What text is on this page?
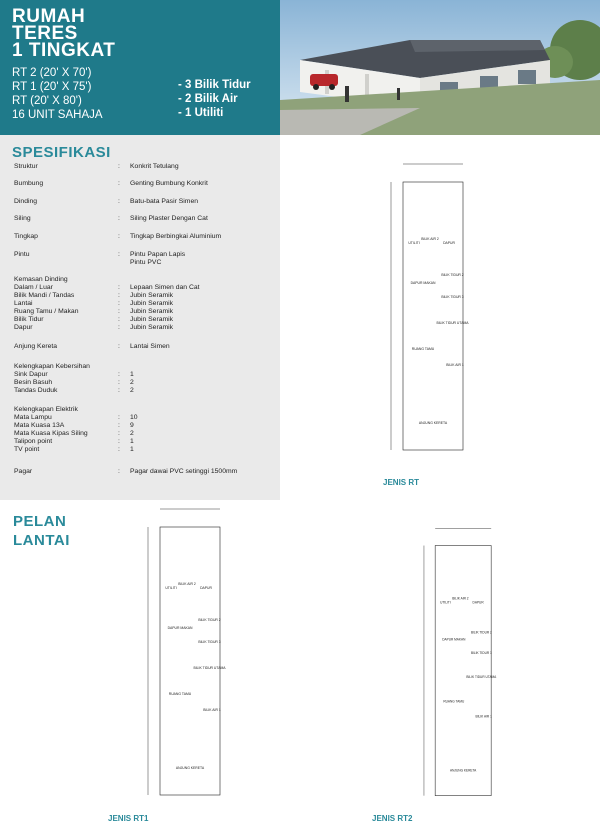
RUMAH
TERES
1 TINGKAT
RT 2 (20' X 70')
RT 1 (20' X 75')
RT (20' X 80')
16 UNIT SAHAJA
- 3 Bilik Tidur
- 2 Bilik Air
- 1 Utiliti
SPESIFIKASI
Struktur	: Konkrit Tetulang
Bumbung	: Genting Bumbung Konkrit
Dinding	: Batu-bata Pasir Simen
Siling	: Siling Plaster Dengan Cat
Tingkap	: Tingkap Berbingkai Aluminium
Pintu	: Pintu Papan Lapis
Pintu PVC
Kemasan Dinding
Dalam / Luar	: Lepaan Simen dan Cat
Bilik Mandi / Tandas	: Jubin Seramik
Lantai	: Jubin Seramik
Ruang Tamu / Makan	: Jubin Seramik
Bilik Tidur	: Jubin Seramik
Dapur	: Jubin Seramik
Anjung Kereta	: Lantai Simen
Kelengkapan Kebersihan
Sink Dapur	: 1
Besin Basuh	: 2
Tandas Duduk	: 2
Kelengkapan Elektrik
Mata Lampu	: 10
Mata Kuasa 13A	: 9
Mata Kuasa Kipas Siling	: 2
Talipon point	: 1
TV point	: 1
Pagar	: Pagar dawai PVC setinggi 1500mm
PELAN
LANTAI
UTILITI
BILIK AIR 2
DAPUR
BILIK TIDUR 2
BILIK TIDUR 3
DAPUR MAKAN
RUANG TAMU
BILIK TIDUR UTAMA
BILIK AIR 1
ANJUNG KERETA
JENIS RT
UTILITI
BILIK AIR 2
DAPUR
BILIK TIDUR 2
BILIK TIDUR 3
DAPUR MAKAN
RUANG TAMU
BILIK TIDUR UTAMA
BILIK AIR 1
ANJUNG KERETA
JENIS RT1
UTILITI
BILIK AIR 2
DAPUR
BILIK TIDUR 2
BILIK TIDUR 3
DAPUR MAKAN
RUANG TAMU
BILIK TIDUR UTAMA
BILIK AIR 1
ANJUNG KERETA
JENIS RT2
